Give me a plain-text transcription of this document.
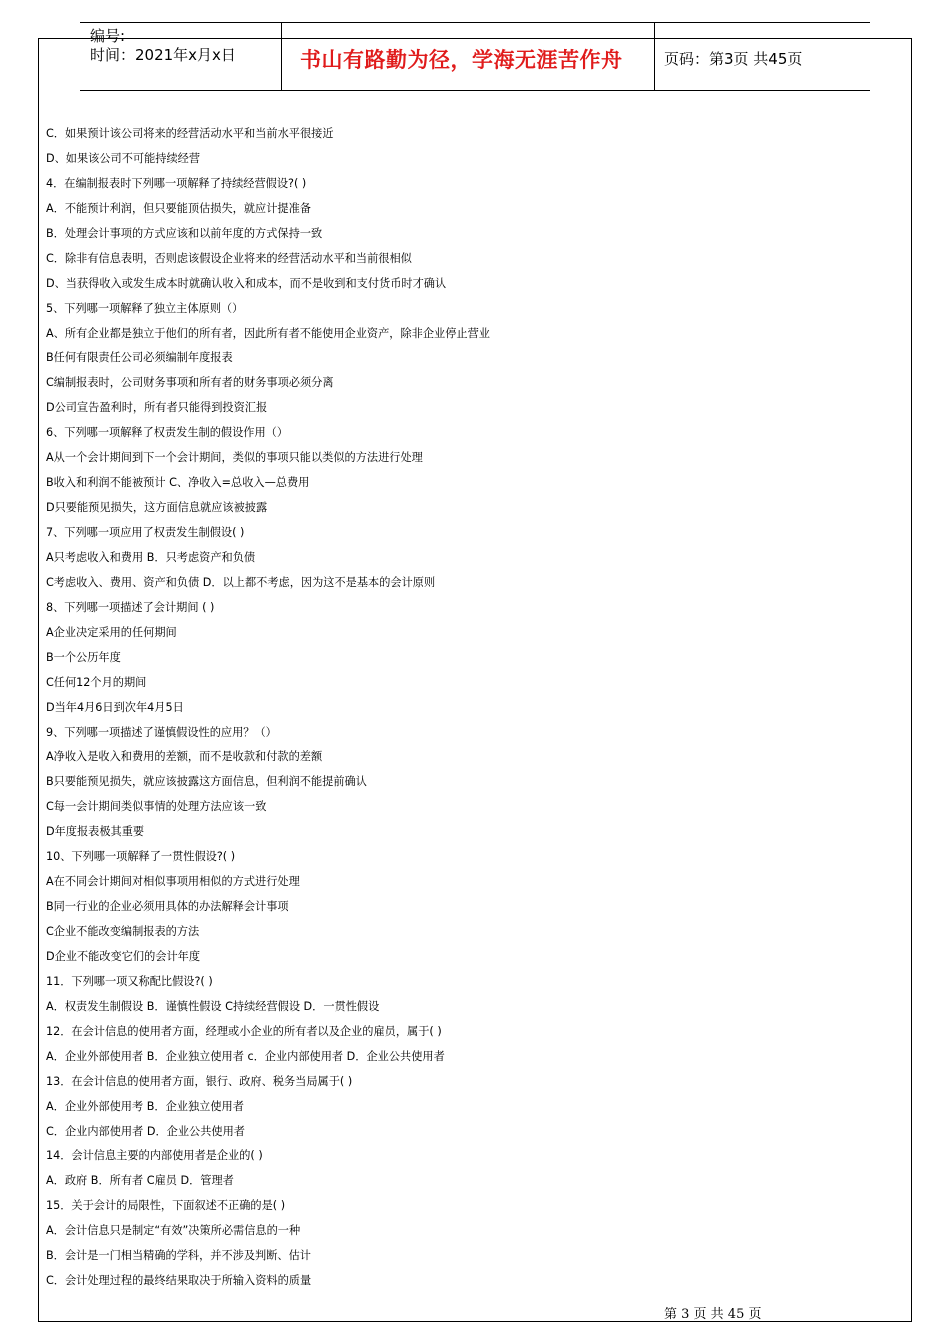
编号:
时间：2021年x月x日	书山有路勤为径，学海无涯苦作舟	页码：第3页 共45页
C．如果预计该公司将来的经营活动水平和当前水平很接近
D、如果该公司不可能持续经营
4．在编制报表时下列哪一项解释了持续经营假设?( )
A．不能预计利润，但只要能顶估损失，就应计提准备
B．处理会计事项的方式应该和以前年度的方式保持一致
C．除非有信息表明，否则虑该假设企业将来的经营活动水平和当前很相似
D、当获得收入或发生成本时就确认收入和成本，而不是收到和支付货币时才确认
5、下列哪一项解释了独立主体原则（）
A、所有企业都是独立于他们的所有者，因此所有者不能使用企业资产，除非企业停止营业
B任何有限责任公司必须编制年度报表
C编制报表时，公司财务事项和所有者的财务事项必须分离
D公司宣告盈利时，所有者只能得到投资汇报
6、下列哪一项解释了权责发生制的假设作用（）
A从一个会计期间到下一个会计期间，类似的事项只能以类似的方法进行处理
B收入和利润不能被预计 C、净收入=总收入—总费用
D只要能预见损失，这方面信息就应该被披露
7、下列哪一项应用了权责发生制假设( )
A只考虑收入和费用 B．只考虑资产和负债
C考虑收入、费用、资产和负债 D．以上都不考虑，因为这不是基本的会计原则
8、下列哪一项描述了会计期间 ( )
A企业决定采用的任何期间
B一个公历年度
C任何12个月的期间
D当年4月6日到次年4月5日
9、下列哪一项描述了谨慎假设性的应用？（）
A净收入是收入和费用的差额，而不是收款和付款的差额
B只要能预见损失，就应该披露这方面信息，但利润不能提前确认
C每一会计期间类似事情的处理方法应该一致
D年度报表极其重要
10、下列哪一项解释了一贯性假设?( )
A在不同会计期间对相似事项用相似的方式进行处理
B同一行业的企业必须用具体的办法解释会计事项
C企业不能改变编制报表的方法
D企业不能改变它们的会计年度
11．下列哪一项又称配比假设?( )
A．权责发生制假设 B．谨慎性假设 C持续经营假设 D．一贯性假设
12．在会计信息的使用者方面，经理或小企业的所有者以及企业的雇员，属于( )
A．企业外部使用者 B．企业独立使用者 c．企业内部使用者 D．企业公共使用者
13．在会计信息的使用者方面，银行、政府、税务当局属于( )
A．企业外部使用考 B．企业独立使用者
C．企业内部使用者 D．企业公共使用者
14．会计信息主要的内部使用者是企业的( )
A．政府 B．所有者 C雇员 D．管理者
15．关于会计的局限性，下面叙述不正确的是( )
A．会计信息只是制定“有效”决策所必需信息的一种
B．会计是一门相当精确的学科，并不涉及判断、估计
C．会计处理过程的最终结果取决于所输入资料的质量
第 3 页 共 45 页
